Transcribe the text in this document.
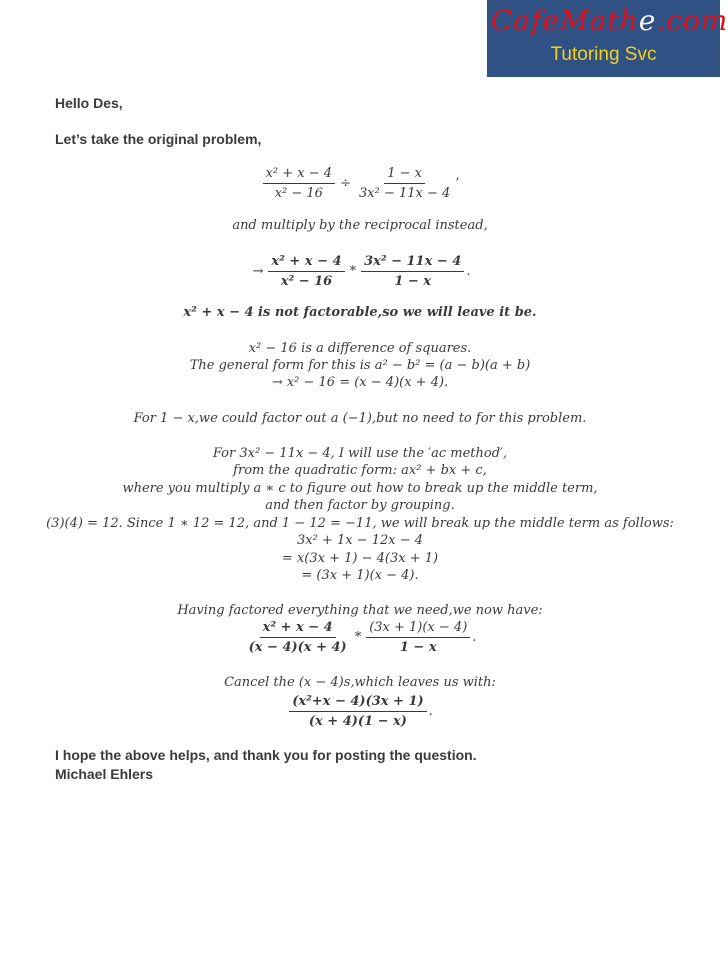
CafeMathe.com
Tutoring Svc
Hello Des,
Let’s take the original problem,
$\frac{\text{x² + x − 4}}{\text{x² − 16}} \div \frac{1 - x}{\text{3x² − 11x − 4}}$ ’
and multiply by the reciprocal instead,
→ $\frac{\text{x² + x − 4}}{\text{x² − 16}} * \frac{\text{3x² − 11x − 4}}{1 - x}$ .
x² + x − 4 is not factorable,so we will leave it be.
x² − 16 is a difference of squares.
The general form for this is a² − b² = (a − b)(a + b)
→ x² − 16 = (x − 4)(x + 4).
For 1 − x,we could factor out a (−1),but no need to for this problem.
For 3x² − 11x − 4, I will use the ′ac method′,
from the quadratic form: ax² + bx + c,
where you multiply a ∗ c to figure out how to break up the middle term,
and then factor by grouping.
(3)(4) = 12. Since 1 ∗ 12 = 12, and 1 − 12 = −11, we will break up the middle term as follows:
3x² + 1x − 12x − 4
= x(3x + 1) − 4(3x + 1)
= (3x + 1)(x − 4).
Having factored everything that we need,we now have:
$\frac{\text{x² + x − 4}}{(x - 4)(x + 4)} * \frac{(3x + 1)(x - 4)}{1 - x}$ .
Cancel the (x − 4)s,which leaves us with:
$\frac{\text{(x²+x − 4)(3x + 1)}}{(x + 4)(1 - x)}$ .
I hope the above helps, and thank you for posting the question.
Michael Ehlers
